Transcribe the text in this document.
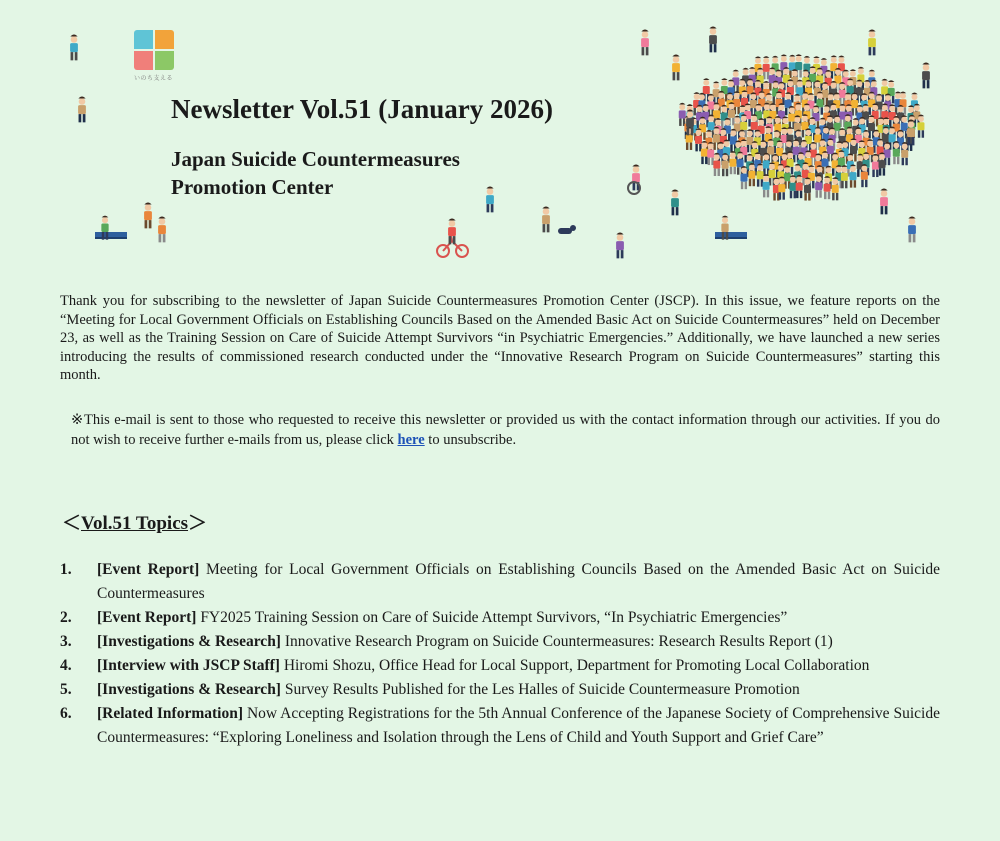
いのち支える
Newsletter Vol.51 (January 2026)
Japan Suicide Countermeasures
Promotion Center

Thank you for subscribing to the newsletter of Japan Suicide Countermeasures Promotion Center (JSCP). In this issue, we feature reports on the “Meeting for Local Government Officials on Establishing Councils Based on the Amended Basic Act on Suicide Countermeasures” held on December 23, as well as the Training Session on Care of Suicide Attempt Survivors “in Psychiatric Emergencies.” Additionally, we have launched a new series introducing the results of commissioned research conducted under the “Innovative Research Program on Suicide Countermeasures” starting this month.

※This e-mail is sent to those who requested to receive this newsletter or provided us with the contact information through our activities. If you do not wish to receive further e-mails from us, please click here to unsubscribe.

＜Vol.51 Topics＞
1. [Event Report] Meeting for Local Government Officials on Establishing Councils Based on the Amended Basic Act on Suicide Countermeasures
2. [Event Report] FY2025 Training Session on Care of Suicide Attempt Survivors, “In Psychiatric Emergencies”
3. [Investigations & Research] Innovative Research Program on Suicide Countermeasures: Research Results Report (1)
4. [Interview with JSCP Staff] Hiromi Shozu, Office Head for Local Support, Department for Promoting Local Collaboration
5. [Investigations & Research] Survey Results Published for the Les Halles of Suicide Countermeasure Promotion
6. [Related Information] Now Accepting Registrations for the 5th Annual Conference of the Japanese Society of Comprehensive Suicide Countermeasures: “Exploring Loneliness and Isolation through the Lens of Child and Youth Support and Grief Care”
